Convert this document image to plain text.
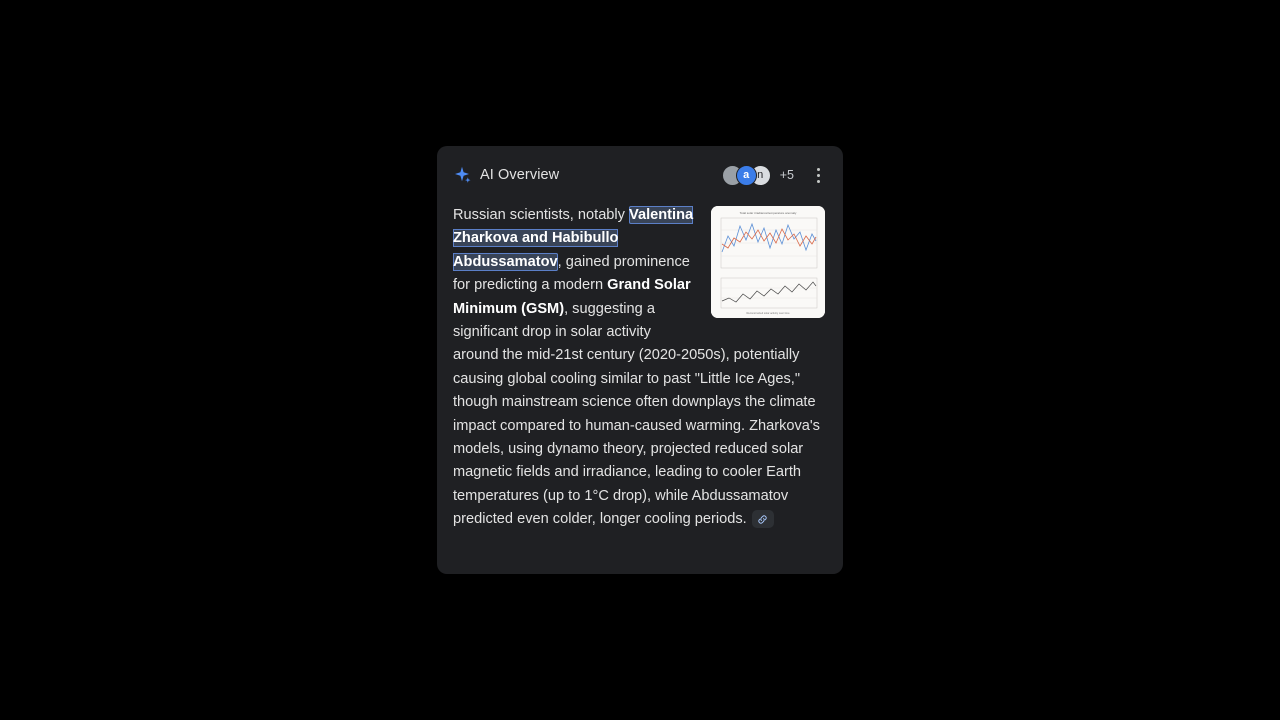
AI Overview	a n	+5
Total solar irradiance/temperature anomaly
Reconstructed solar activity over time
Russian scientists, notably Valentina Zharkova and Habibullo Abdussamatov, gained prominence for predicting a modern Grand Solar Minimum (GSM), suggesting a significant drop in solar activity around the mid-21st century (2020-2050s), potentially causing global cooling similar to past "Little Ice Ages," though mainstream science often downplays the climate impact compared to human-caused warming. Zharkova's models, using dynamo theory, projected reduced solar magnetic fields and irradiance, leading to cooler Earth temperatures (up to 1°C drop), while Abdussamatov predicted even colder, longer cooling periods.
